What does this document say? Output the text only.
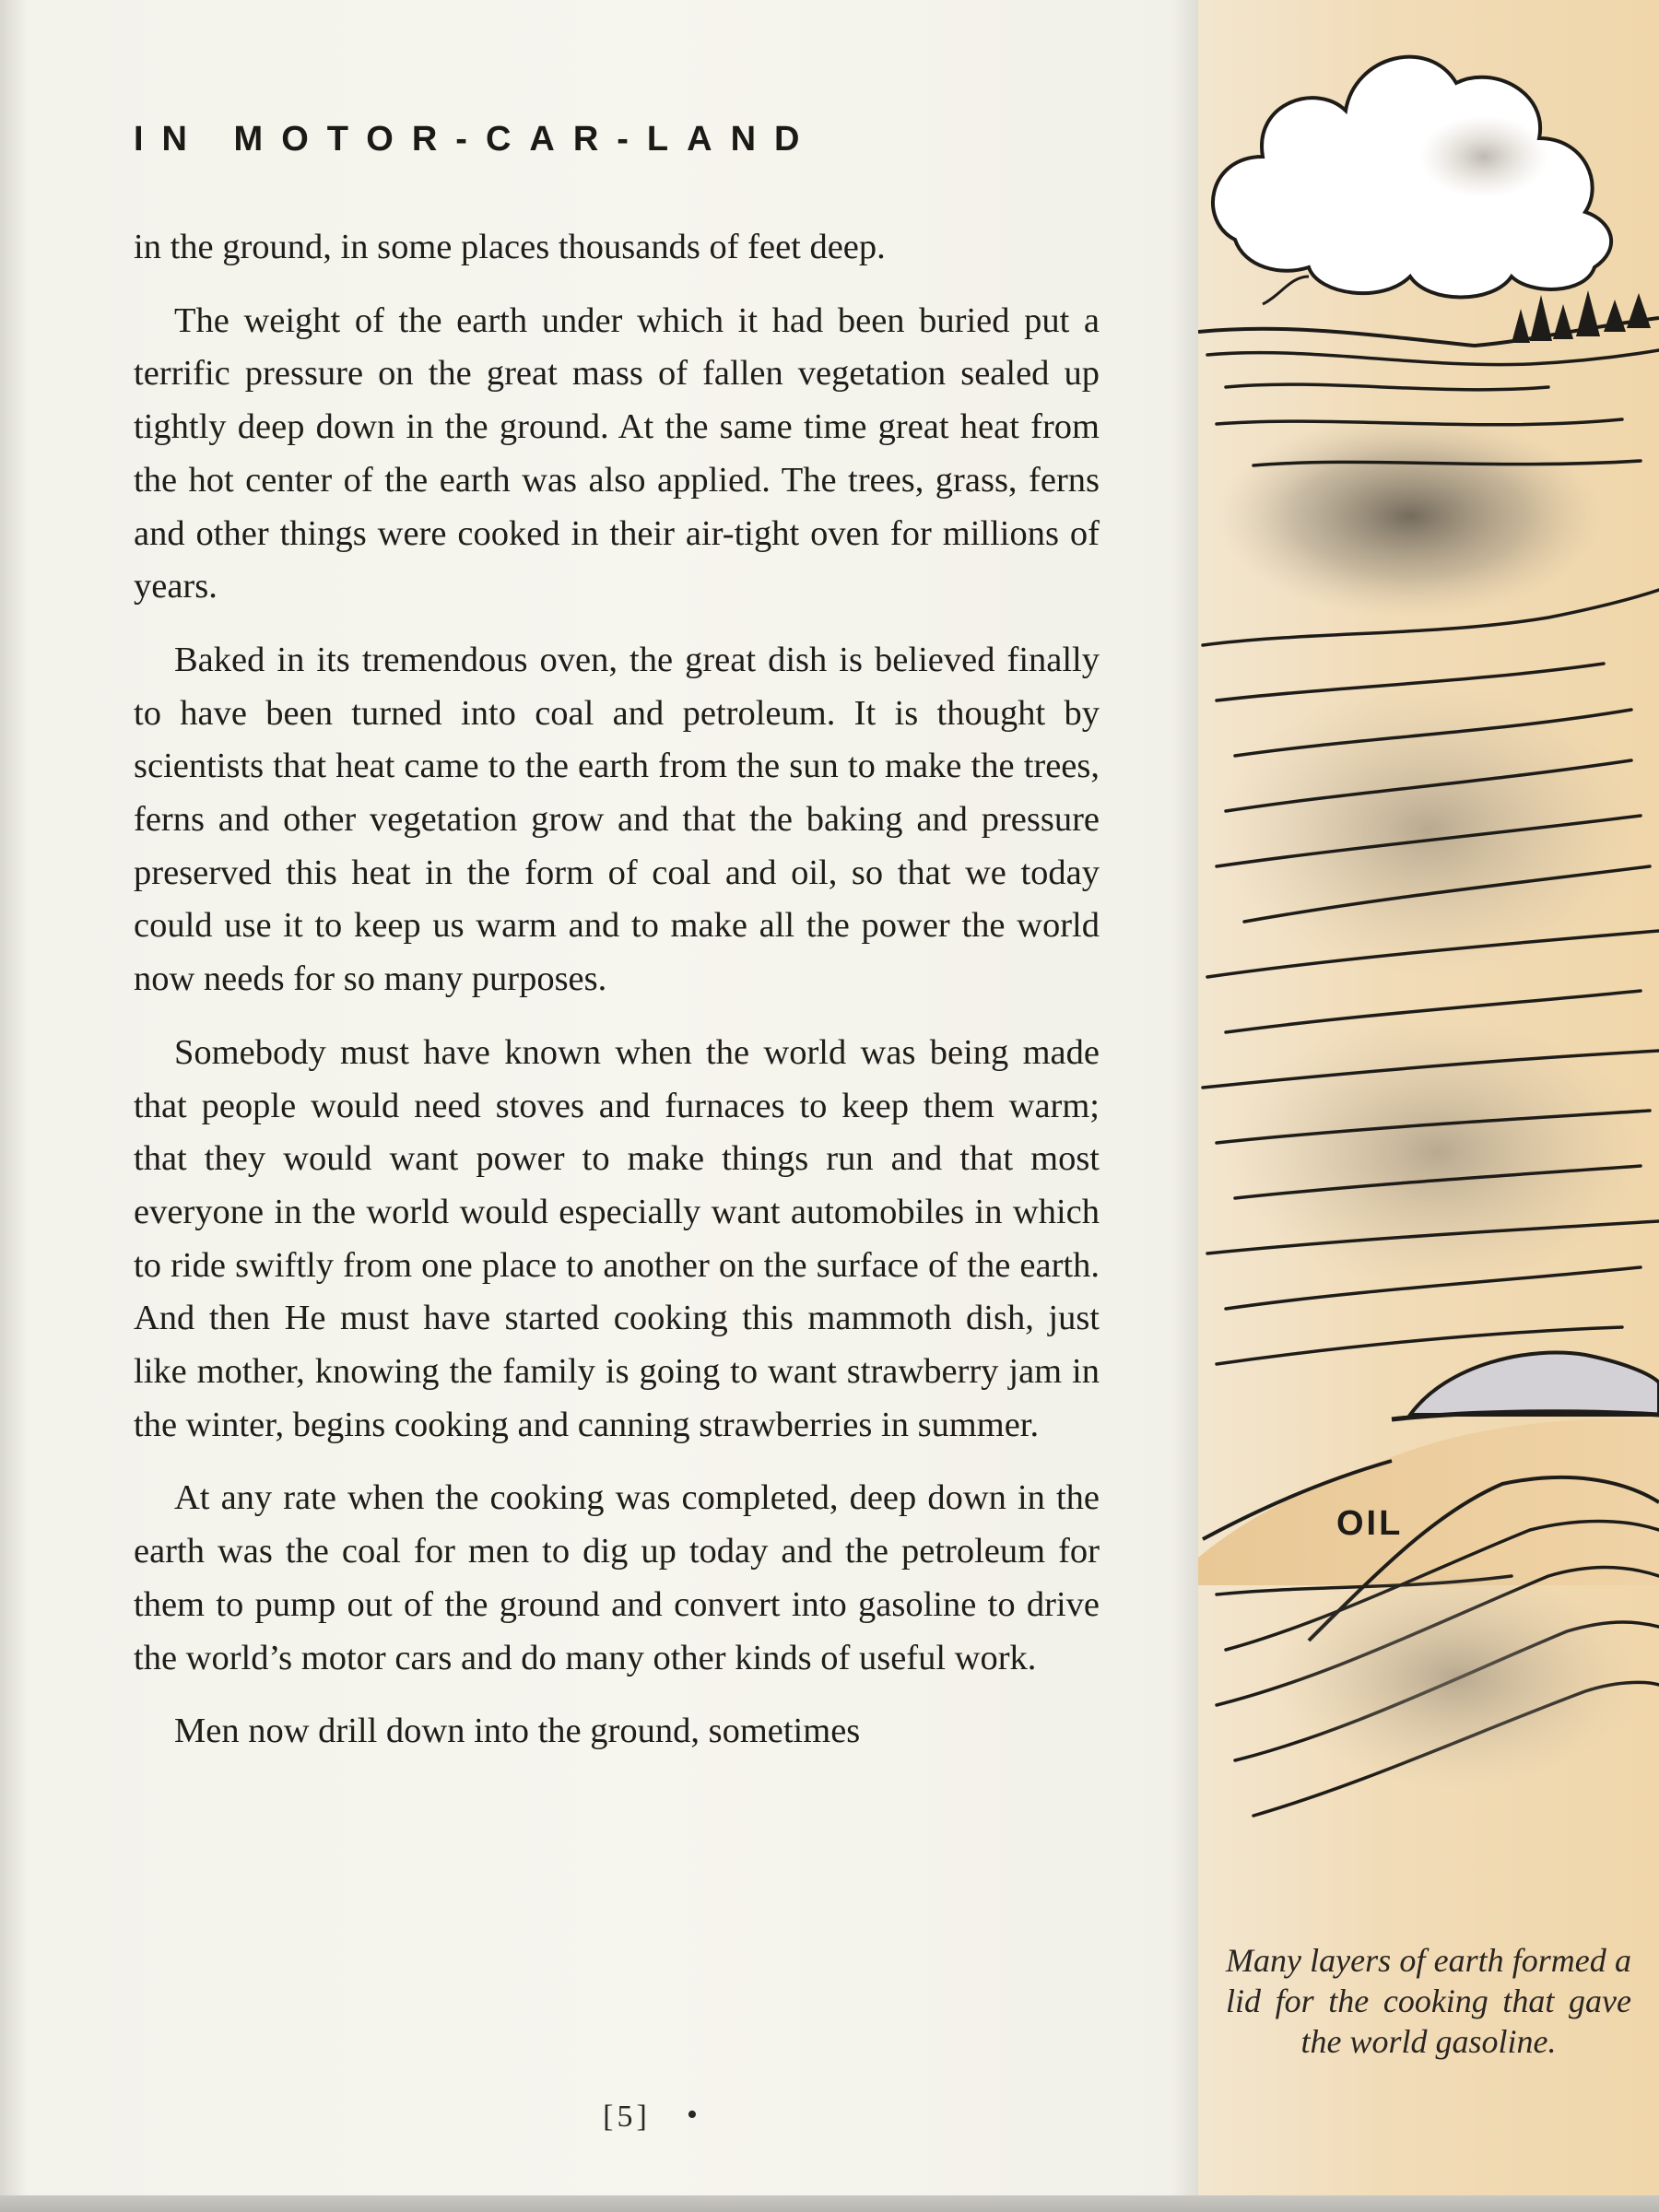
IN MOTOR-CAR-LAND

in the ground, in some places thousands of feet deep.

The weight of the earth under which it had been buried put a terrific pressure on the great mass of fallen vegetation sealed up tightly deep down in the ground. At the same time great heat from the hot center of the earth was also applied. The trees, grass, ferns and other things were cooked in their air-tight oven for millions of years.

Baked in its tremendous oven, the great dish is believed finally to have been turned into coal and petroleum. It is thought by scientists that heat came to the earth from the sun to make the trees, ferns and other vegetation grow and that the baking and pressure preserved this heat in the form of coal and oil, so that we today could use it to keep us warm and to make all the power the world now needs for so many purposes.

Somebody must have known when the world was being made that people would need stoves and furnaces to keep them warm; that they would want power to make things run and that most everyone in the world would especially want automobiles in which to ride swiftly from one place to another on the surface of the earth. And then He must have started cooking this mammoth dish, just like mother, knowing the family is going to want strawberry jam in the winter, begins cooking and canning strawberries in summer.

At any rate when the cooking was completed, deep down in the earth was the coal for men to dig up today and the petroleum for them to pump out of the ground and convert into gasoline to drive the world’s motor cars and do many other kinds of useful work.

Men now drill down into the ground, sometimes

[5]	•
OIL
Many layers of earth formed a lid for the cooking that gave the world gasoline.
